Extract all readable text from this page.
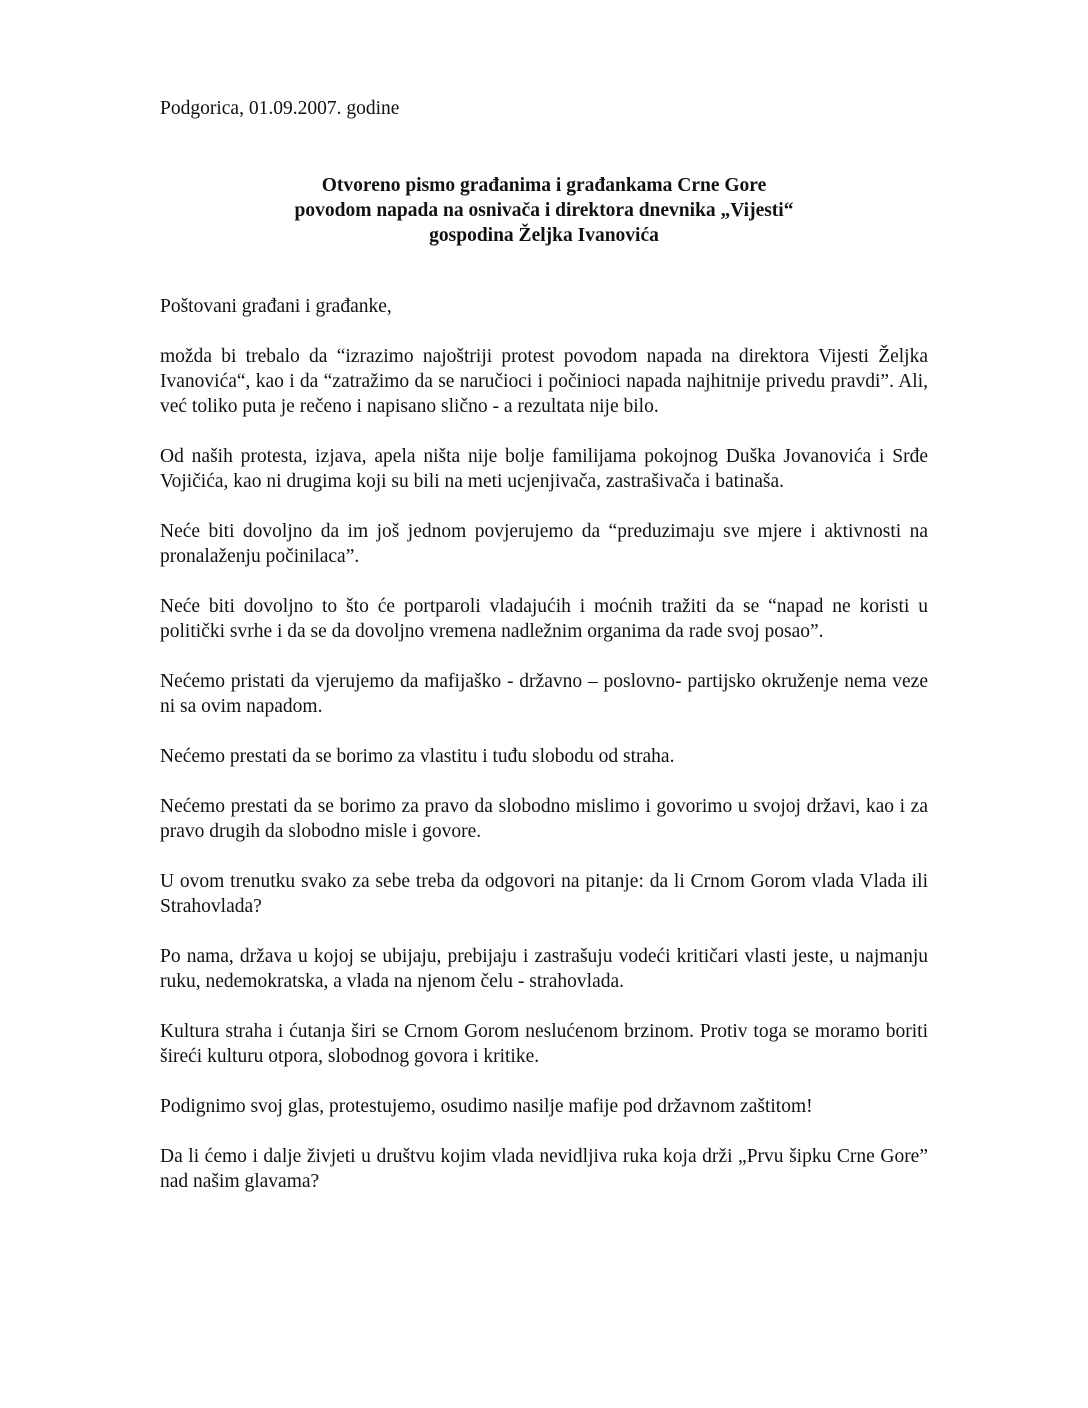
Podgorica, 01.09.2007. godine

Otvoreno pismo građanima i građankama Crne Gore
povodom napada na osnivača i direktora dnevnika „Vijesti“
gospodina Željka Ivanovića

Poštovani građani i građanke,

možda bi trebalo da “izrazimo najoštriji protest povodom napada na direktora Vijesti Željka Ivanovića“, kao i da “zatražimo da se naručioci i počinioci napada najhitnije privedu pravdi”. Ali, već toliko puta je rečeno i napisano slično - a rezultata nije bilo.

Od naših protesta, izjava, apela ništa nije bolje familijama pokojnog Duška Jovanovića i Srđe Vojičića, kao ni drugima koji su bili na meti ucjenjivača, zastrašivača i batinaša.

Neće biti dovoljno da im još jednom povjerujemo da “preduzimaju sve mjere i aktivnosti na pronalaženju počinilaca”.

Neće biti dovoljno to što će portparoli vladajućih i moćnih tražiti da se “napad ne koristi u politički svrhe i da se da dovoljno vremena nadležnim organima da rade svoj posao”.

Nećemo pristati da vjerujemo da mafijaško - državno – poslovno- partijsko okruženje nema veze ni sa ovim napadom.

Nećemo prestati da se borimo za vlastitu i tuđu slobodu od straha.

Nećemo prestati da se borimo za pravo da slobodno mislimo i govorimo u svojoj državi, kao i za pravo drugih da slobodno misle i govore.

U ovom trenutku svako za sebe treba da odgovori na pitanje: da li Crnom Gorom vlada Vlada ili Strahovlada?

Po nama, država u kojoj se ubijaju, prebijaju i zastrašuju vodeći kritičari vlasti jeste, u najmanju ruku, nedemokratska, a vlada na njenom čelu - strahovlada.

Kultura straha i ćutanja širi se Crnom Gorom neslućenom brzinom. Protiv toga se moramo boriti šireći kulturu otpora, slobodnog govora i kritike.

Podignimo svoj glas, protestujemo, osudimo nasilje mafije pod državnom zaštitom!

Da li ćemo i dalje živjeti u društvu kojim vlada nevidljiva ruka koja drži „Prvu šipku Crne Gore” nad našim glavama?
